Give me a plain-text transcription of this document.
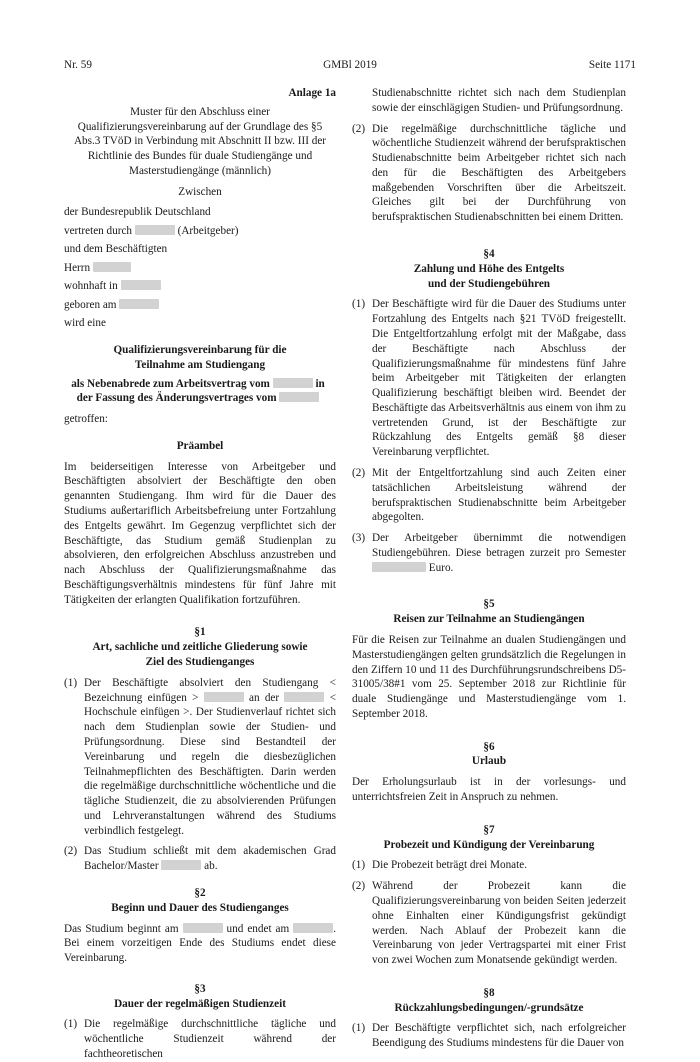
Nr. 59	GMBl 2019	Seite 1171

Anlage 1a

Muster für den Abschluss einer Qualifizierungsvereinbarung auf der Grundlage des §5 Abs.3 TVöD in Verbindung mit Abschnitt II bzw. III der Richtlinie des Bundes für duale Studiengänge und Masterstudiengänge (männlich)

Zwischen

der Bundesrepublik Deutschland

vertreten durch	(Arbeitgeber)

und dem Beschäftigten

Herrn

wohnhaft in

geboren am

wird eine

Qualifizierungsvereinbarung für die Teilnahme am Studiengang

als Nebenabrede zum Arbeitsvertrag vom	in
der Fassung des Änderungsvertrages vom

getroffen:

Präambel

Im beiderseitigen Interesse von Arbeitgeber und Beschäftigten absolviert der Beschäftigte den oben genannten Studiengang. Ihm wird für die Dauer des Studiums außertariflich Arbeitsbefreiung unter Fortzahlung des Entgelts gewährt. Im Gegenzug verpflichtet sich der Beschäftigte, das Studium gemäß Studienplan zu absolvieren, den erfolgreichen Abschluss anzustreben und nach Abschluss der Qualifizierungsmaßnahme das Beschäftigungsverhältnis mindestens für fünf Jahre mit Tätigkeiten der erlangten Qualifikation fortzuführen.

§1

Art, sachliche und zeitliche Gliederung sowie
Ziel des Studienganges

(1) Der Beschäftigte absolviert den Studiengang < Bezeichnung einfügen >	an der	< Hochschule einfügen >. Der Studienverlauf richtet sich nach dem Studienplan sowie der Studien- und Prüfungsordnung. Diese sind Bestandteil der Vereinbarung und regeln die diesbezüglichen Teilnahmepflichten des Beschäftigten. Darin werden die regelmäßige durchschnittliche wöchentliche und die tägliche Studienzeit, die zu absolvierenden Prüfungen und Lehrveranstaltungen während des Studiums verbindlich festgelegt.
(2) Das Studium schließt mit dem akademischen Grad Bachelor/Master	ab.

§2

Beginn und Dauer des Studienganges

Das Studium beginnt am	und endet am	. Bei einem vorzeitigen Ende des Studiums endet diese Vereinbarung.

§3

Dauer der regelmäßigen Studienzeit

(1) Die regelmäßige durchschnittliche tägliche und wöchentliche Studienzeit während der fachtheoretischen

Studienabschnitte richtet sich nach dem Studienplan sowie der einschlägigen Studien- und Prüfungsordnung.

(2) Die regelmäßige durchschnittliche tägliche und wöchentliche Studienzeit während der berufspraktischen Studienabschnitte beim Arbeitgeber richtet sich nach den für die Beschäftigten des Arbeitgebers maßgebenden Vorschriften über die Arbeitszeit. Gleiches gilt bei der Durchführung von berufspraktischen Studienabschnitten bei einem Dritten.

§4

Zahlung und Höhe des Entgelts
und der Studiengebühren

(1) Der Beschäftigte wird für die Dauer des Studiums unter Fortzahlung des Entgelts nach §21 TVöD freigestellt. Die Entgeltfortzahlung erfolgt mit der Maßgabe, dass der Beschäftigte nach Abschluss der Qualifizierungsmaßnahme für mindestens fünf Jahre beim Arbeitgeber mit Tätigkeiten der erlangten Qualifizierung beschäftigt bleiben wird. Beendet der Beschäftigte das Arbeitsverhältnis aus einem von ihm zu vertretenden Grund, ist der Beschäftigte zur Rückzahlung des Entgelts gemäß §8 dieser Vereinbarung verpflichtet.
(2) Mit der Entgeltfortzahlung sind auch Zeiten einer tatsächlichen Arbeitsleistung während der berufspraktischen Studienabschnitte beim Arbeitgeber abgegolten.
(3) Der Arbeitgeber übernimmt die notwendigen Studiengebühren. Diese betragen zurzeit pro Semester  Euro.

§5

Reisen zur Teilnahme an Studiengängen

Für die Reisen zur Teilnahme an dualen Studiengängen und Masterstudiengängen gelten grundsätzlich die Regelungen in den Ziffern 10 und 11 des Durchführungsrundschreibens D5-31005/38#1 vom 25. September 2018 zur Richtlinie für duale Studiengänge und Masterstudiengänge vom 1. September 2018.

§6

Urlaub

Der Erholungsurlaub ist in der vorlesungs- und unterrichtsfreien Zeit in Anspruch zu nehmen.

§7

Probezeit und Kündigung der Vereinbarung

(1) Die Probezeit beträgt drei Monate.
(2) Während der Probezeit kann die Qualifizierungsvereinbarung von beiden Seiten jederzeit ohne Einhalten einer Kündigungsfrist gekündigt werden. Nach Ablauf der Probezeit kann die Vereinbarung von jeder Vertragspartei mit einer Frist von zwei Wochen zum Monatsende gekündigt werden.

§8

Rückzahlungsbedingungen/-grundsätze

(1) Der Beschäftigte verpflichtet sich, nach erfolgreicher Beendigung des Studiums mindestens für die Dauer von
